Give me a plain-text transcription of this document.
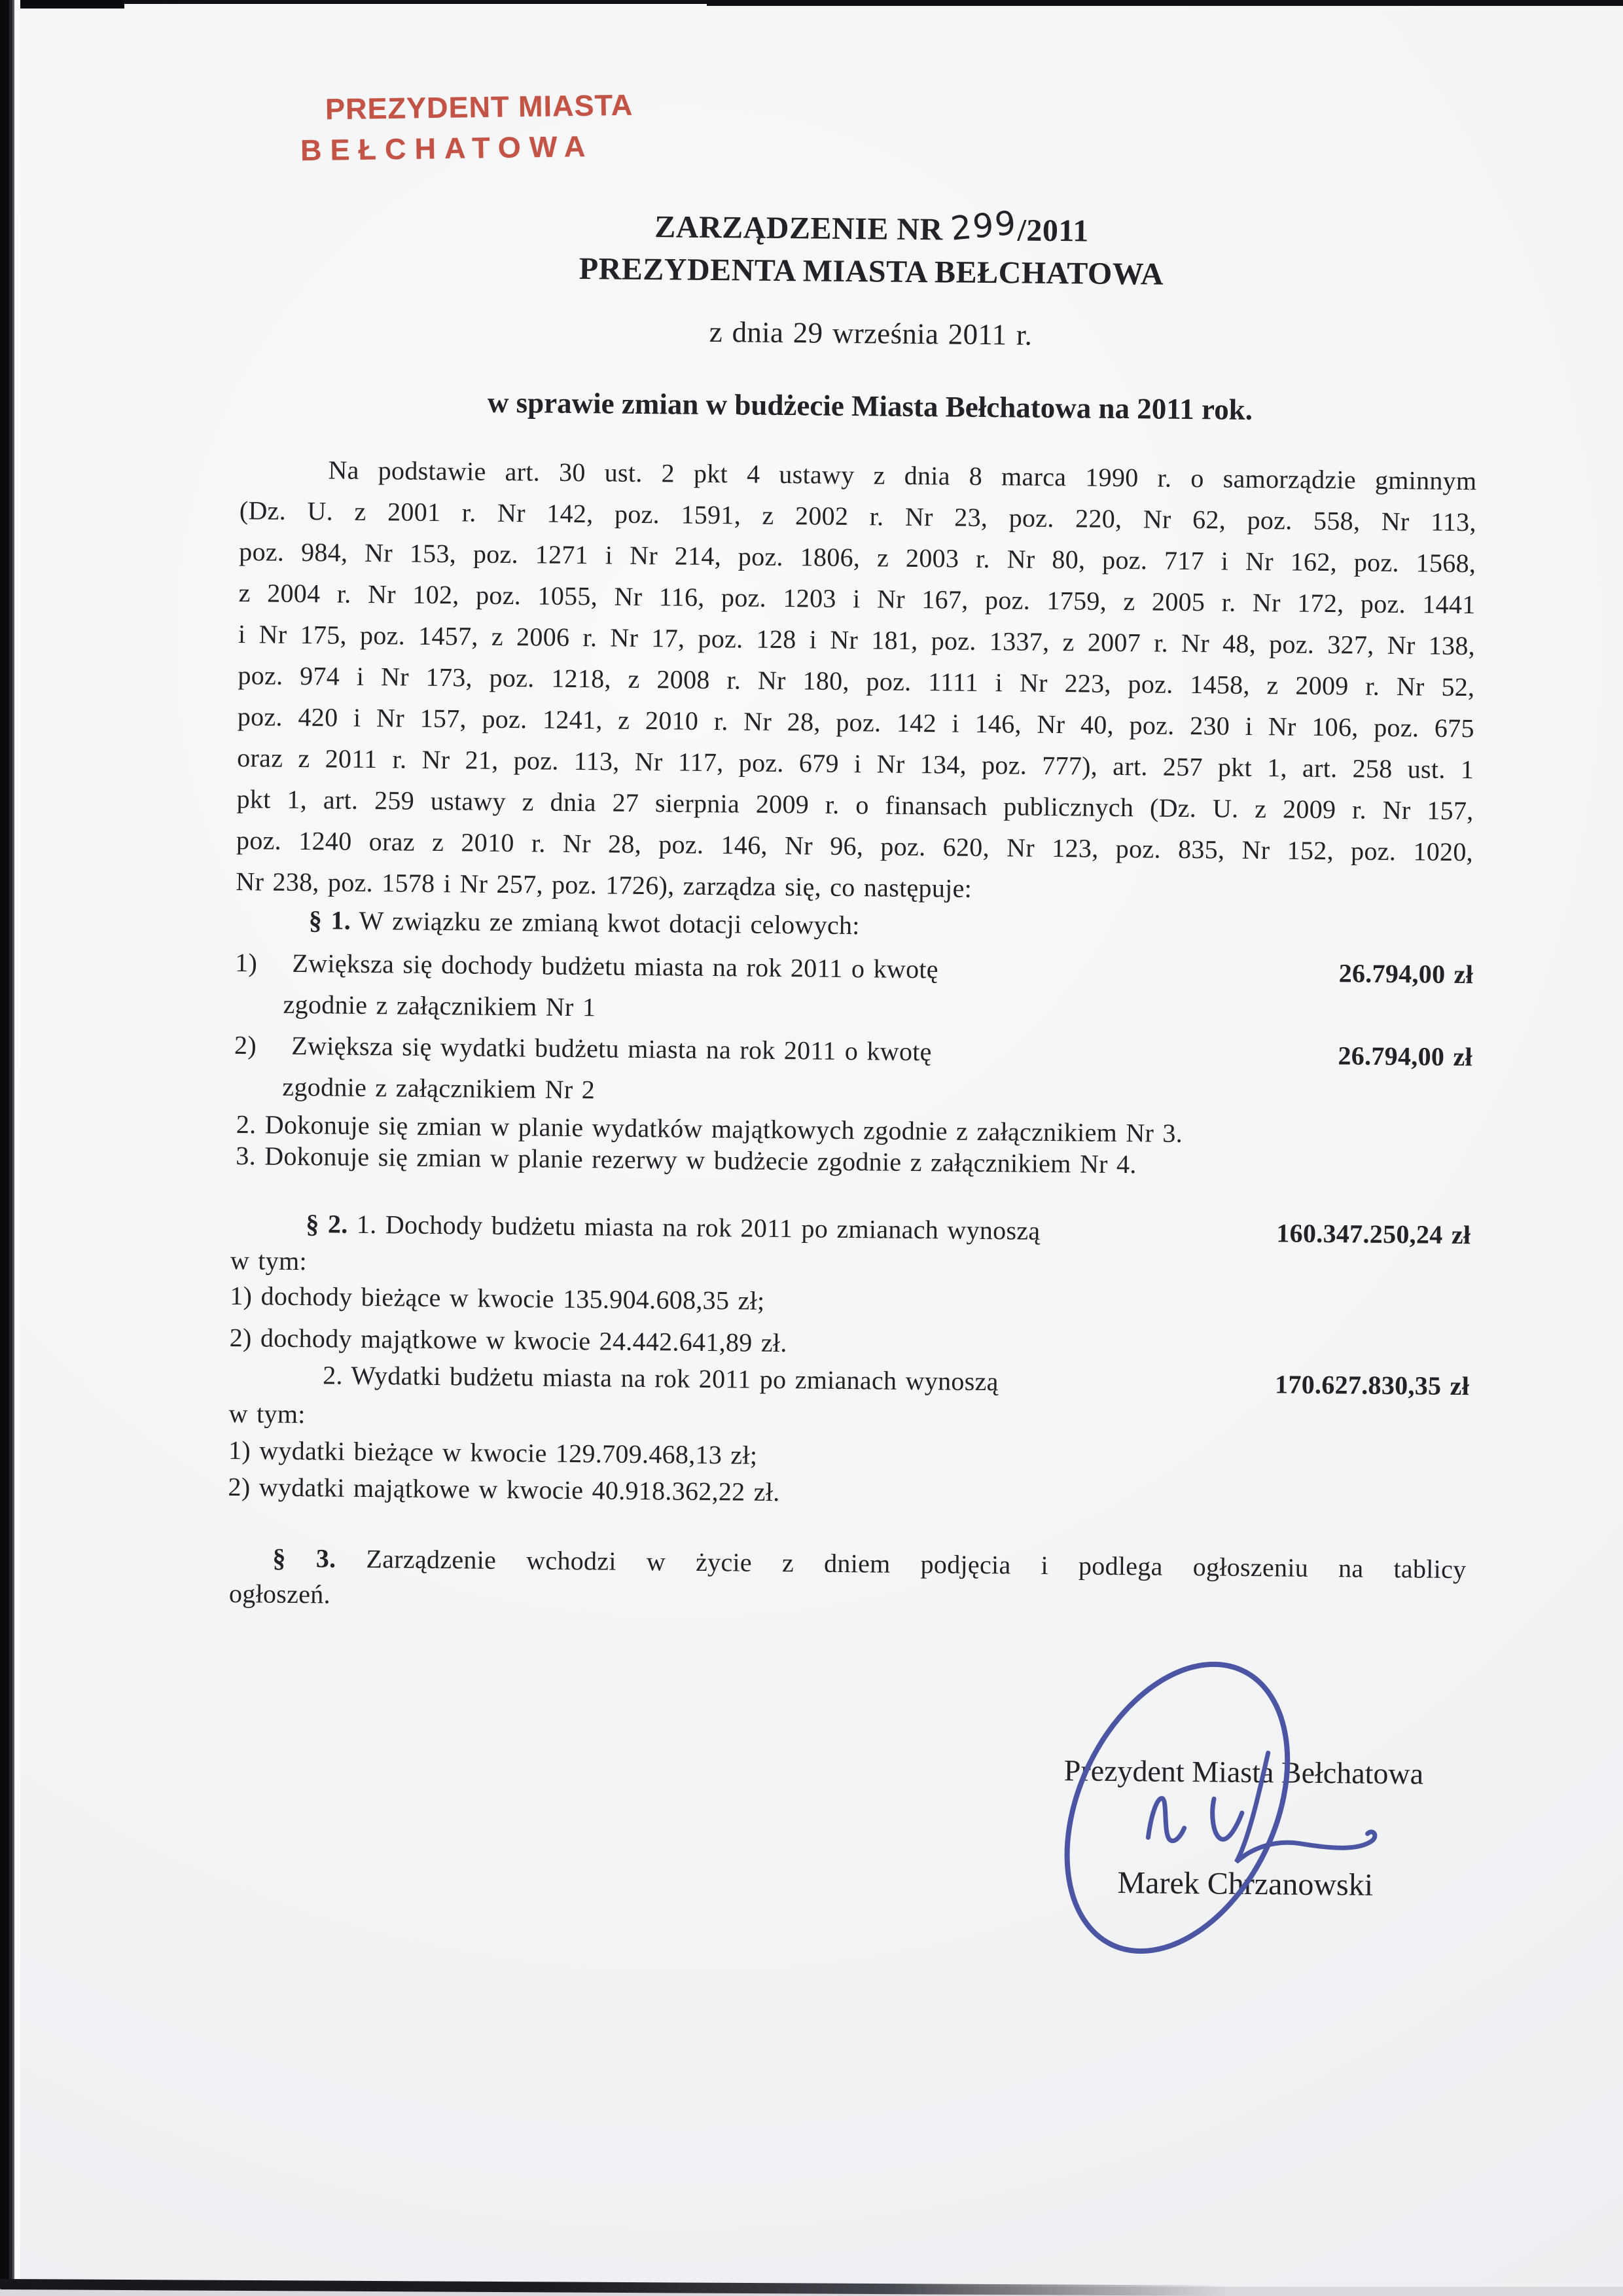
PREZYDENT MIASTA
BEŁCHATOWA
ZARZĄDZENIE NR 299/2011
PREZYDENTA MIASTA BEŁCHATOWA
z dnia 29 września 2011 r.
w sprawie zmian w budżecie Miasta Bełchatowa na 2011 rok.
Na podstawie art. 30 ust. 2 pkt 4 ustawy z dnia 8 marca 1990 r. o samorządzie gminnym
(Dz. U. z 2001 r. Nr 142, poz. 1591, z 2002 r. Nr 23, poz. 220, Nr 62, poz. 558, Nr 113,
poz. 984, Nr 153, poz. 1271 i Nr 214, poz. 1806, z 2003 r. Nr 80, poz. 717 i Nr 162, poz. 1568,
z 2004 r. Nr 102, poz. 1055, Nr 116, poz. 1203 i Nr 167, poz. 1759, z 2005 r. Nr 172, poz. 1441
i Nr 175, poz. 1457, z 2006 r. Nr 17, poz. 128 i Nr 181, poz. 1337, z 2007 r. Nr 48, poz. 327, Nr 138,
poz. 974 i Nr 173, poz. 1218, z 2008 r. Nr 180, poz. 1111 i Nr 223, poz. 1458, z 2009 r. Nr 52,
poz. 420 i Nr 157, poz. 1241, z 2010 r. Nr 28, poz. 142 i 146, Nr 40, poz. 230 i Nr 106, poz. 675
oraz z 2011 r. Nr 21, poz. 113, Nr 117, poz. 679 i Nr 134, poz. 777), art. 257 pkt 1, art. 258 ust. 1
pkt 1, art. 259 ustawy z dnia 27 sierpnia 2009 r. o finansach publicznych (Dz. U. z 2009 r. Nr 157,
poz. 1240 oraz z 2010 r. Nr 28, poz. 146, Nr 96, poz. 620, Nr 123, poz. 835, Nr 152, poz. 1020,
Nr 238, poz. 1578 i Nr 257, poz. 1726), zarządza się, co następuje:
§ 1. W związku ze zmianą kwot dotacji celowych:
1) Zwiększa się dochody budżetu miasta na rok 2011 o kwotę	26.794,00 zł
zgodnie z załącznikiem Nr 1
2) Zwiększa się wydatki budżetu miasta na rok 2011 o kwotę	26.794,00 zł
zgodnie z załącznikiem Nr 2
2. Dokonuje się zmian w planie wydatków majątkowych zgodnie z załącznikiem Nr 3.
3. Dokonuje się zmian w planie rezerwy w budżecie zgodnie z załącznikiem Nr 4.
§ 2. 1. Dochody budżetu miasta na rok 2011 po zmianach wynoszą	160.347.250,24 zł
w tym:
1) dochody bieżące w kwocie 135.904.608,35 zł;
2) dochody majątkowe w kwocie 24.442.641,89 zł.
2. Wydatki budżetu miasta na rok 2011 po zmianach wynoszą	170.627.830,35 zł
w tym:
1) wydatki bieżące w kwocie 129.709.468,13 zł;
2) wydatki majątkowe w kwocie 40.918.362,22 zł.
§ 3. Zarządzenie wchodzi w życie z dniem podjęcia i podlega ogłoszeniu na tablicy
ogłoszeń.
Prezydent Miasta Bełchatowa
Marek Chrzanowski
